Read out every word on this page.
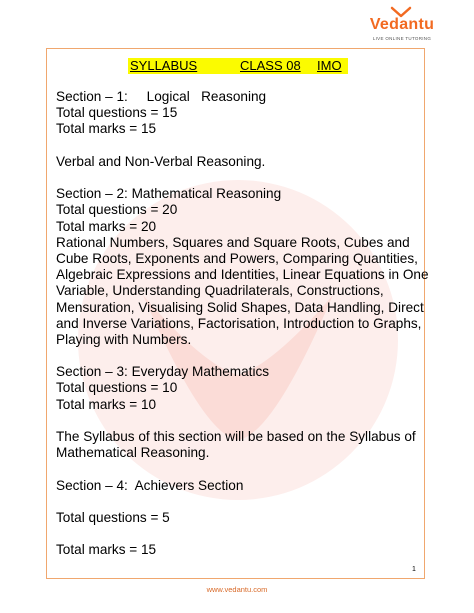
Vedantu
LIVE ONLINE TUTORING
SYLLABUS	CLASS 08 IMO
Section – 1:     Logical   Reasoning
Total questions = 15
Total marks = 15
Verbal and Non-Verbal Reasoning.
Section – 2: Mathematical Reasoning
Total questions = 20
Total marks = 20
Rational Numbers, Squares and Square Roots, Cubes and Cube Roots, Exponents and Powers, Comparing Quantities, Algebraic Expressions and Identities, Linear Equations in One Variable, Understanding Quadrilaterals, Constructions, Mensuration, Visualising Solid Shapes, Data Handling, Direct and Inverse Variations, Factorisation, Introduction to Graphs, Playing with Numbers.
Section – 3: Everyday Mathematics
Total questions = 10
Total marks = 10
The Syllabus of this section will be based on the Syllabus of Mathematical Reasoning.
Section – 4:  Achievers Section
Total questions = 5
Total marks = 15
1
www.vedantu.com
